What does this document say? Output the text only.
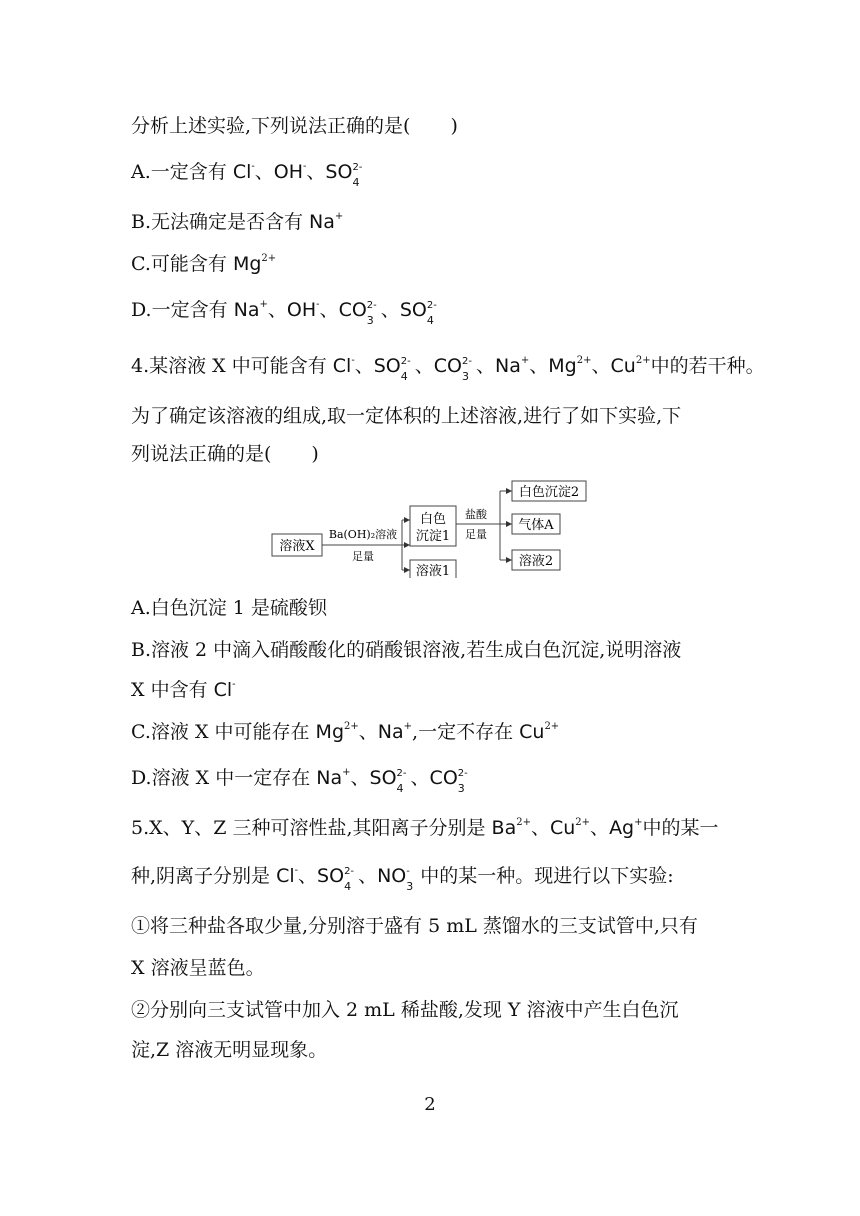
分析上述实验,下列说法正确的是( )
A.一定含有 Cl-、OH-、SO 2-
4
B.无法确定是否含有 Na+
C.可能含有 $Mg^{2+}$
D.一定含有 Na+、OH-、CO 2-
3 、SO 2-
4
4.某溶液 X 中可能含有 Cl-、SO 2-
4 、CO 2-
3 、Na+、$Mg^{2+}$、$Cu^{2+}$中的若干种。
为了确定该溶液的组成,取一定体积的上述溶液,进行了如下实验,下
列说法正确的是( )
溶液X
Ba(OH)₂溶液
足量
白色
沉淀1
溶液1
盐酸
足量
白色沉淀2
气体A
溶液2
A.白色沉淀 1 是硫酸钡
B.溶液 2 中滴入硝酸酸化的硝酸银溶液,若生成白色沉淀,说明溶液
X 中含有 Cl-
C.溶液 X 中可能存在 $Mg^{2+}$、Na+,一定不存在 $Cu^{2+}$
D.溶液 X 中一定存在 Na+、SO 2-
4 、CO 2-
3
5.X、Y、Z 三种可溶性盐,其阳离子分别是 $Ba^{2+}$、$Cu^{2+}$、Ag+中的某一
种,阴离子分别是 Cl-、SO 2-
4 、NO -
3 中的某一种。现进行以下实验:
①将三种盐各取少量,分别溶于盛有 5 mL 蒸馏水的三支试管中,只有
X 溶液呈蓝色。
②分别向三支试管中加入 2 mL 稀盐酸,发现 Y 溶液中产生白色沉
淀,Z 溶液无明显现象。
2
